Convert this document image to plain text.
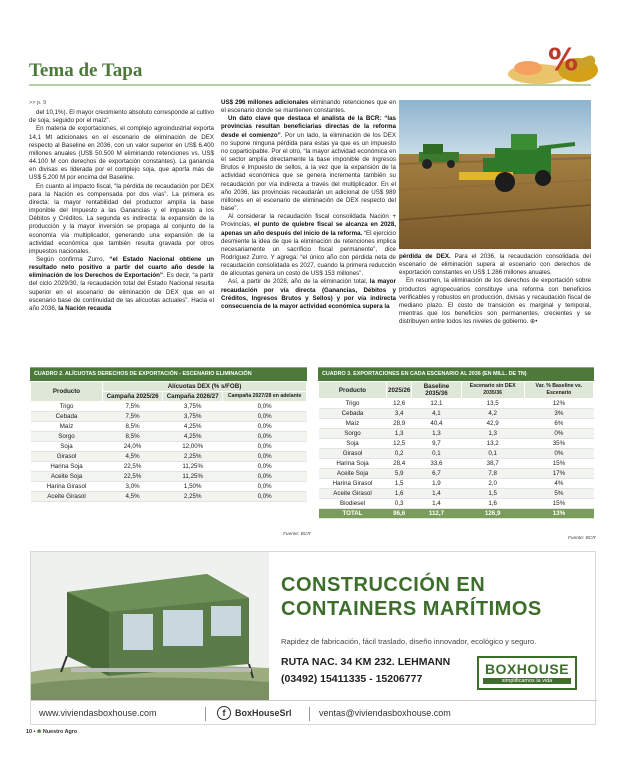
Tema de Tapa	%
>> p. 9

del 10,1%). El mayor crecimiento absoluto corresponde al cultivo de soja, seguido por el maíz”.

En materia de exportaciones, el complejo agroindustrial exporta 14,1 Mt adicionales en el escenario de eliminación de DEX respecto al Baseline en 2036, con un valor superior en US$ 6.400 millones anuales (US$ 50.500 M eliminando retenciones vs. US$ 44.100 M con derechos de exportación constantes). La ganancia en divisas es liderada por el complejo soja, que aporta más de US$ 5.200 M por encima del Baseline.

En cuanto al impacto fiscal, “la pérdida de recaudación por DEX para la Nación es compensada por dos vías”. La primera es directa: la mayor rentabilidad del productor amplía la base imponible del Impuesto a las Ganancias y el impuesto a los Débitos y Créditos. La segunda es indirecta: la expansión de la producción y la mayor inversión se propaga al conjunto de la economía vía multiplicador, generando una expansión de la actividad económica que también resulta gravada por otros impuestos nacionales.

Según confirma Zurro, “el Estado Nacional obtiene un resultado neto positivo a partir del cuarto año desde la eliminación de los Derechos de Exportación”. Es decir, “a partir del ciclo 2029/30, la recaudación total del Estado Nacional resulta superior en el escenario de eliminación de DEX que en el escenario base de continuidad de las alícuotas actuales”. Hacia el año 2036, la Nación recauda

US$ 296 millones adicionales eliminando retenciones que en el escenario donde se mantienen constantes.

Un dato clave que destaca el analista de la BCR: “las provincias resultan beneficiarias directas de la reforma desde el comienzo”. Por un lado, la eliminación de los DEX no supone ninguna pérdida para éstas ya que es un impuesto no coparticipable. Por el otro, “la mayor actividad económica en el sector amplía directamente la base imponible de Ingresos Brutos e Impuesto de sellos, a la vez que la expansión de la actividad económica que se genera incrementa también su recaudación por vía indirecta a través del multiplicador. En el año 2036, las provincias recaudarán un adicional de US$ 989 millones en el escenario de eliminación de DEX respecto del base”.

Al considerar la recaudación fiscal consolidada Nación + Provincias, el punto de quiebre fiscal se alcanza en 2028, apenas un año después del inicio de la reforma. “El ejercicio desmiente la idea de que la eliminación de retenciones implica necesariamente un sacrificio fiscal permanente”, dice Rodríguez Zurro. Y agrega: “el único año con pérdida neta de recaudación consolidada es 2027, cuando la primera reducción de alícuotas genera un costo de US$ 153 millones”.

Así, a partir de 2028, año de la eliminación total, la mayor recaudación por vía directa (Ganancias, Débitos y Créditos, Ingresos Brutos y Sellos) y por vía indirecta consecuencia de la mayor actividad económica supera la

pérdida de DEX. Para el 2036, la recaudación consolidada del escenario de eliminación supera al escenario con derechos de exportación constantes en US$ 1.286 millones anuales.

En resumen, la eliminación de los derechos de exportación sobre productos agropecuarios constituye una reforma con beneficios verificables y robustos en producción, divisas y recaudación fiscal de mediano plazo. El costo de transición es marginal y temporal, mientras que los beneficios son permanentes, crecientes y se distribuyen entre todos los niveles de gobierno. ⊕•

CUADRO 2. ALÍCUOTAS DERECHOS DE EXPORTACIÓN - ESCENARIO ELIMINACIÓN
Producto	Alícuotas DEX (% s/FOB)		
	Campaña 2025/26	Campaña 2026/27	Campaña 2027/28 en adelante
Trigo	7,5%	3,75%	0,0%
Cebada	7,5%	3,75%	0,0%
Maíz	8,5%	4,25%	0,0%
Sorgo	8,5%	4,25%	0,0%
Soja	24,0%	12,00%	0,0%
Girasol	4,5%	2,25%	0,0%
Harina Soja	22,5%	11,25%	0,0%
Aceite Soja	22,5%	11,25%	0,0%
Harina Girasol	3,0%	1,50%	0,0%
Aceite Girasol	4,5%	2,25%	0,0%
Fuente: BCR
CUADRO 3. EXPORTACIONES EN CADA ESCENARIO AL 2036 (EN MILL. DE TN)
Producto	2025/26	Baseline 2035/36	Escenario sin DEX 2035/36	Var. % Baseline vs. Escenario
Trigo	12,6	12,1	13,5	12%
Cebada	3,4	4,1	4,2	3%
Maíz	28,9	40,4	42,9	6%
Sorgo	1,3	1,3	1,3	0%
Soja	12,5	9,7	13,2	35%
Girasol	0,2	0,1	0,1	0%
Harina Soja	28,4	33,6	38,7	15%
Aceite Soja	5,9	6,7	7,8	17%
Harina Girasol	1,5	1,9	2,0	4%
Aceite Girasol	1,6	1,4	1,5	5%
Biodiesel	0,3	1,4	1,6	15%
TOTAL	96,6	112,7	126,9	13%
Fuente: BCR
CONSTRUCCIÓN EN
CONTAINERS MARÍTIMOS
Rapidez de fabricación, fácil traslado, diseño innovador, ecológico y seguro.
RUTA NAC. 34 KM 232. LEHMANN
(03492) 15411335 - 15206777
BOXHOUSE
simplificamos la vida
www.viviendasboxhouse.com	f	BoxHouseSrl	ventas@viviendasboxhouse.com
10 • ❀ Nuestro Agro
